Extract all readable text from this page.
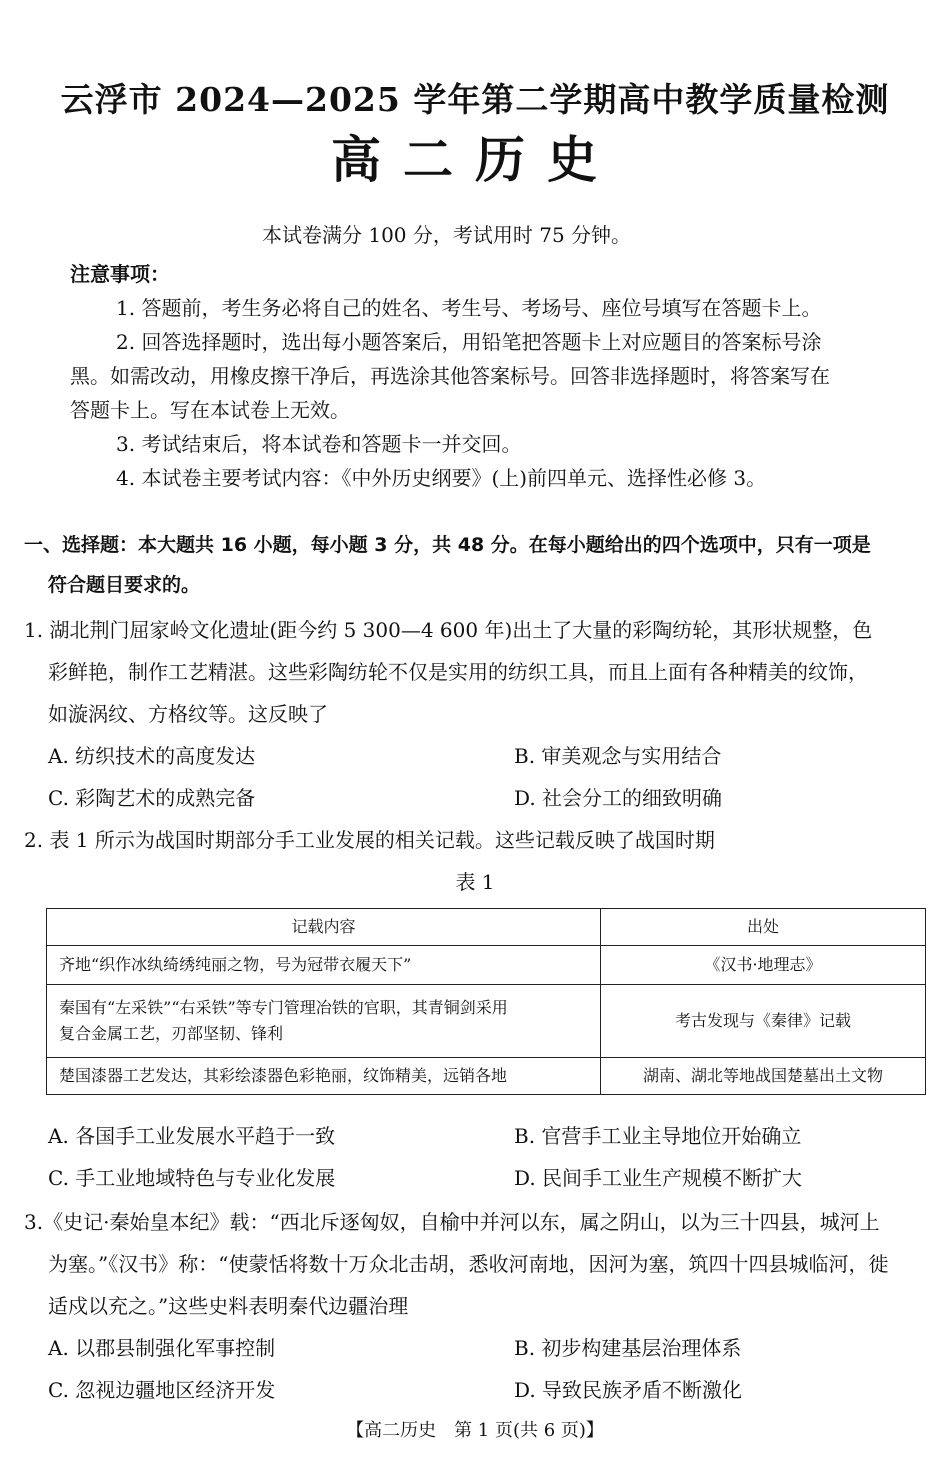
云浮市 2024—2025 学年第二学期高中教学质量检测
高二历史
本试卷满分 100 分，考试用时 75 分钟。
注意事项：
1. 答题前，考生务必将自己的姓名、考生号、考场号、座位号填写在答题卡上。
2. 回答选择题时，选出每小题答案后，用铅笔把答题卡上对应题目的答案标号涂
黑。如需改动，用橡皮擦干净后，再选涂其他答案标号。回答非选择题时，将答案写在
答题卡上。写在本试卷上无效。
3. 考试结束后，将本试卷和答题卡一并交回。
4. 本试卷主要考试内容：《中外历史纲要》(上)前四单元、选择性必修 3。
一、选择题：本大题共 16 小题，每小题 3 分，共 48 分。在每小题给出的四个选项中，只有一项是
符合题目要求的。
1. 湖北荆门屈家岭文化遗址(距今约 5 300—4 600 年)出土了大量的彩陶纺轮，其形状规整，色
彩鲜艳，制作工艺精湛。这些彩陶纺轮不仅是实用的纺织工具，而且上面有各种精美的纹饰，
如漩涡纹、方格纹等。这反映了
A. 纺织技术的高度发达	B. 审美观念与实用结合
C. 彩陶艺术的成熟完备	D. 社会分工的细致明确
2. 表 1 所示为战国时期部分手工业发展的相关记载。这些记载反映了战国时期
表 1
记载内容	出处
齐地“织作冰纨绮绣纯丽之物，号为冠带衣履天下”	《汉书·地理志》
秦国有“左采铁”“右采铁”等专门管理冶铁的官职，其青铜剑采用
复合金属工艺，刃部坚韧、锋利	考古发现与《秦律》记载
楚国漆器工艺发达，其彩绘漆器色彩艳丽，纹饰精美，远销各地	湖南、湖北等地战国楚墓出土文物
A. 各国手工业发展水平趋于一致	B. 官营手工业主导地位开始确立
C. 手工业地域特色与专业化发展	D. 民间手工业生产规模不断扩大
3.《史记·秦始皇本纪》载：“西北斥逐匈奴，自榆中并河以东，属之阴山，以为三十四县，城河上
为塞。”《汉书》称：“使蒙恬将数十万众北击胡，悉收河南地，因河为塞，筑四十四县城临河，徙
适戍以充之。”这些史料表明秦代边疆治理
A. 以郡县制强化军事控制	B. 初步构建基层治理体系
C. 忽视边疆地区经济开发	D. 导致民族矛盾不断激化
【高二历史　第 1 页(共 6 页)】
